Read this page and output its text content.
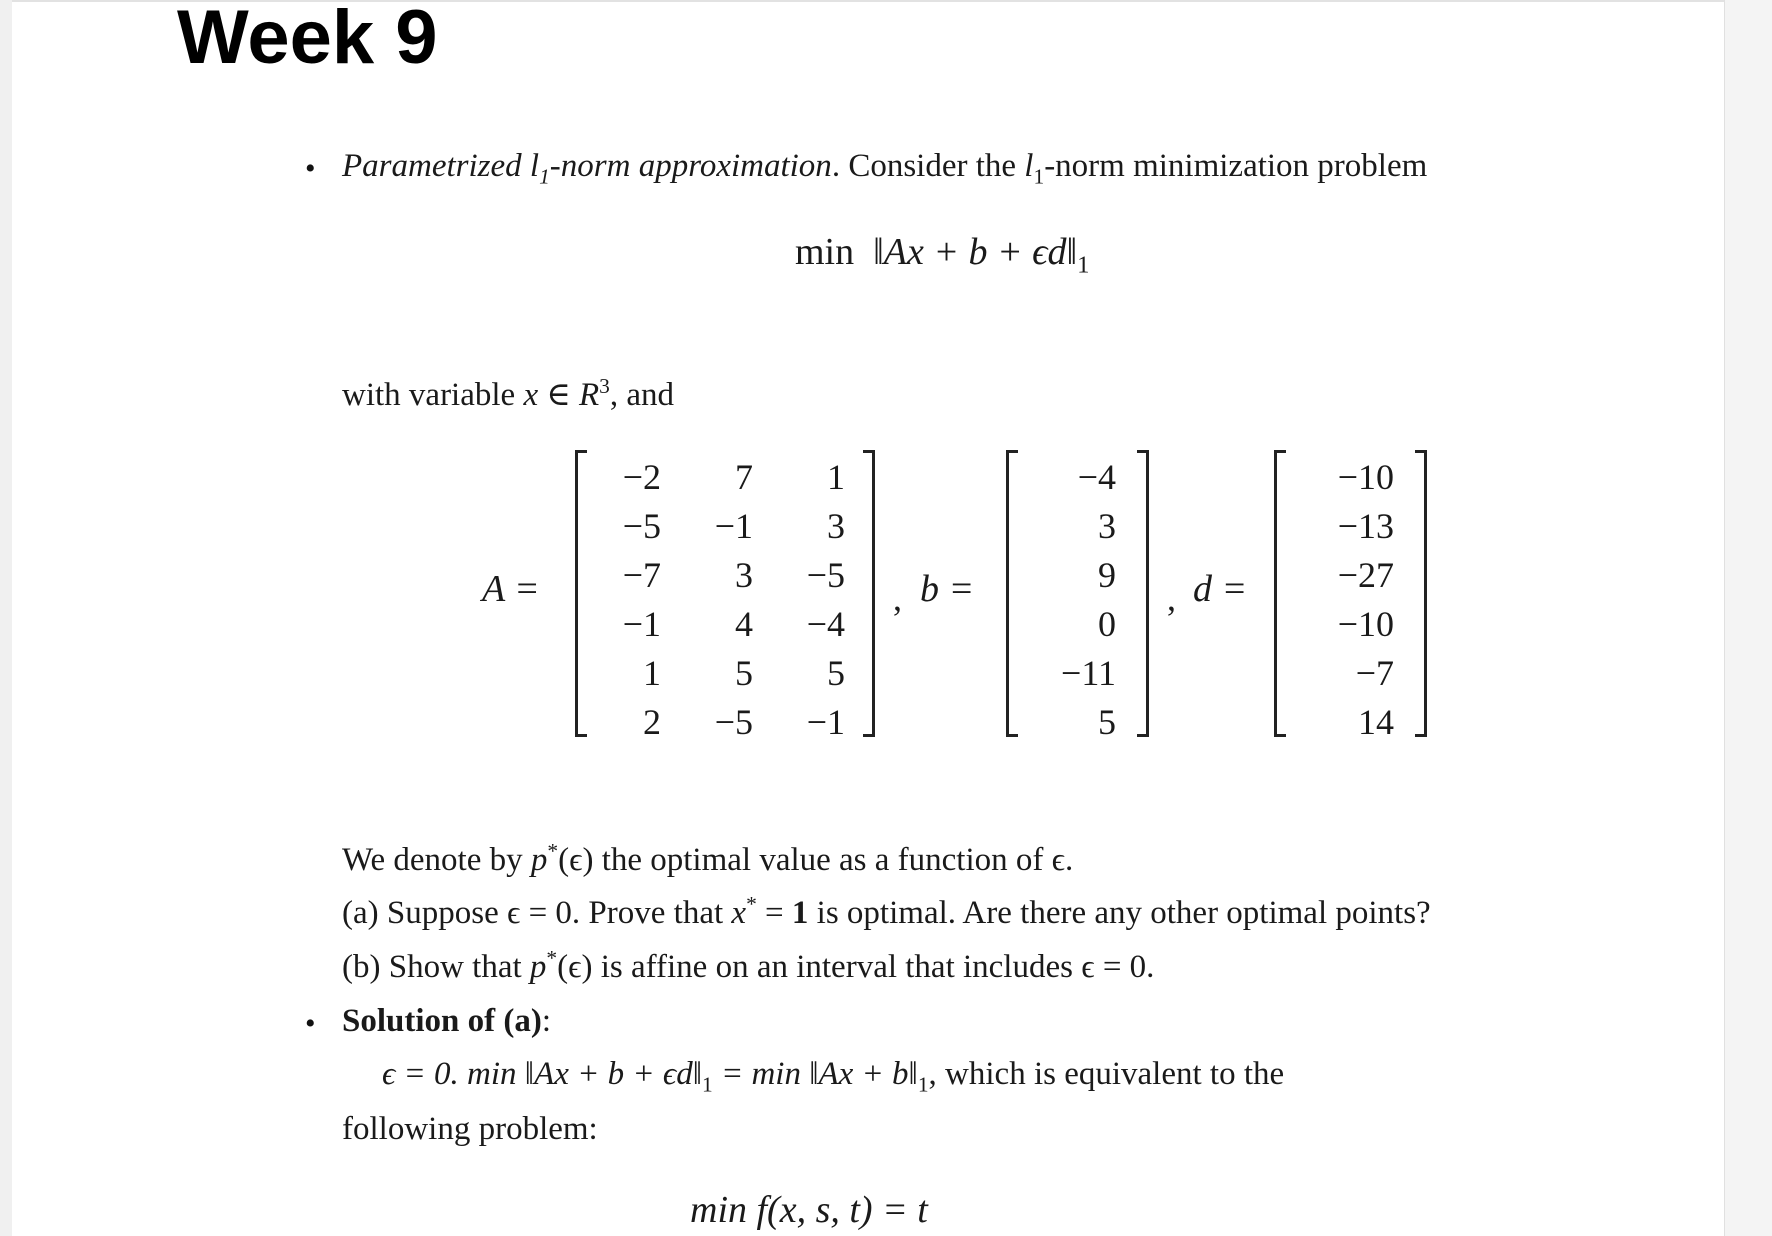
Week 9
• Parametrized $l_1$-norm approximation. Consider the $l_1$-norm minimization problem
min ‖Ax + $b + \epsilon d‖_1$
with variable x ∈ $R^3$, and
A =
−2	7	1
−5	−1	3
−7	3	−5
−1	4	−4
1	5	5
2	−5	−1
, b =
−4
3
9
0
−11
5
, d =
−10
−13
−27
−10
−7
14
We denote by p*(ϵ) the optimal value as a function of ϵ.
(a) Suppose ϵ = 0. Prove that x* = 1 is optimal. Are there any other optimal points?
(b) Show that p*(ϵ) is affine on an interval that includes ϵ = 0.
• Solution of (a):
ϵ = 0. min ‖Ax + $b + \epsilon d‖_1 = \min$ ‖Ax + $b‖_1$, which is equivalent to the
following problem:
min f(x, s, t) = t
